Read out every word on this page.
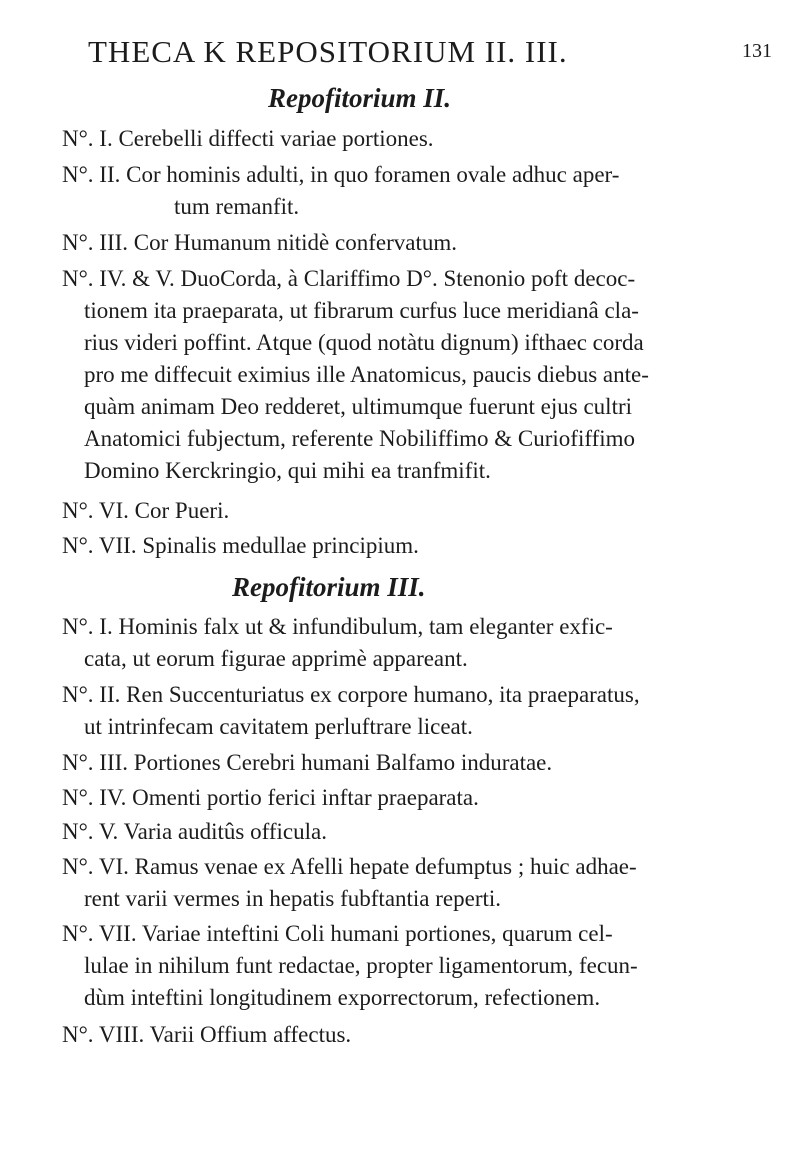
THECA K REPOSITORIUM II. III.	131
Repofitorium II.
N°. I. Cerebelli diffecti variae portiones.
N°. II. Cor hominis adulti, in quo foramen ovale adhuc aper-
tum remanfit.
N°. III. Cor Humanum nitidè confervatum.
N°. IV. & V. DuoCorda, à Clariffimo D°. Stenonio poft decoc-
tionem ita praeparata, ut fibrarum curfus luce meridianâ cla-
rius videri poffint. Atque (quod notàtu dignum) ifthaec corda
pro me diffecuit eximius ille Anatomicus, paucis diebus ante-
quàm animam Deo redderet, ultimumque fuerunt ejus cultri
Anatomici fubjectum, referente Nobiliffimo & Curiofiffimo
Domino Kerckringio, qui mihi ea tranfmifit.
N°. VI. Cor Pueri.
N°. VII. Spinalis medullae principium.
Repofitorium III.
N°. I. Hominis falx ut & infundibulum, tam eleganter exfic-
cata, ut eorum figurae apprimè appareant.
N°. II. Ren Succenturiatus ex corpore humano, ita praeparatus,
ut intrinfecam cavitatem perluftrare liceat.
N°. III. Portiones Cerebri humani Balfamo induratae.
N°. IV. Omenti portio ferici inftar praeparata.
N°. V. Varia auditûs officula.
N°. VI. Ramus venae ex Afelli hepate defumptus ; huic adhae-
rent varii vermes in hepatis fubftantia reperti.
N°. VII. Variae inteftini Coli humani portiones, quarum cel-
lulae in nihilum funt redactae, propter ligamentorum, fecun-
dùm inteftini longitudinem exporrectorum, refectionem.
N°. VIII. Varii Offium affectus.
